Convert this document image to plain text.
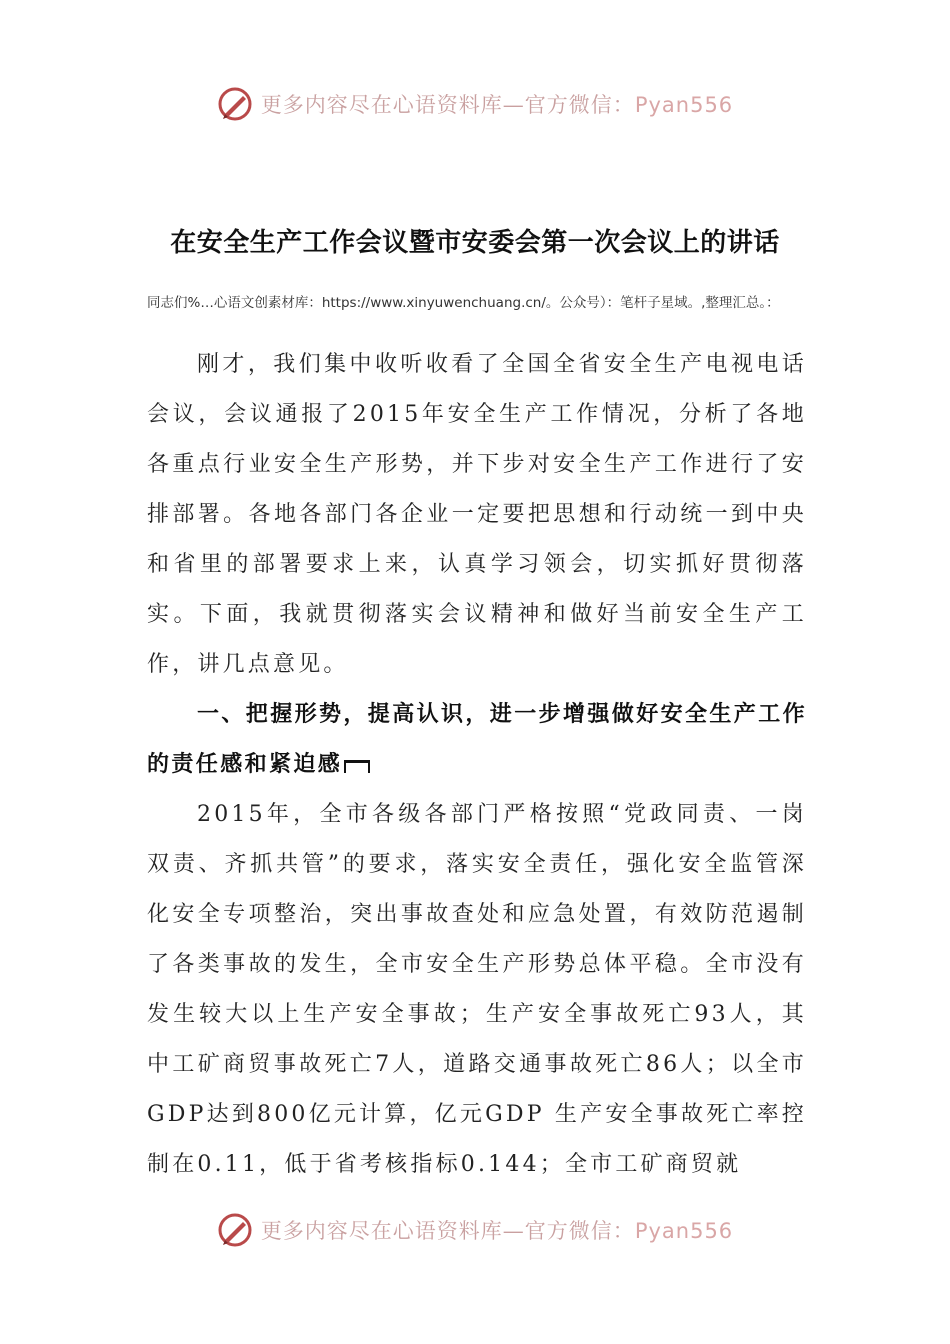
更多内容尽在心语资料库—官方微信：Pyan556
在安全生产工作会议暨市安委会第一次会议上的讲话

同志们%…心语文创素材库：https://www.xinyuwenchuang.cn/。公众号）：笔杆子星域。,整理汇总。：

刚才，我们集中收听收看了全国全省安全生产电视电话会议，会议通报了2015年安全生产工作情况，分析了各地各重点行业安全生产形势，并下步对安全生产工作进行了安排部署。各地各部门各企业一定要把思想和行动统一到中央和省里的部署要求上来，认真学习领会，切实抓好贯彻落实。下面，我就贯彻落实会议精神和做好当前安全生产工作，讲几点意见。

一、把握形势，提高认识，进一步增强做好安全生产工作的责任感和紧迫感

2015年，全市各级各部门严格按照“党政同责、一岗双责、齐抓共管”的要求，落实安全责任，强化安全监管深化安全专项整治，突出事故查处和应急处置，有效防范遏制了各类事故的发生，全市安全生产形势总体平稳。全市没有发生较大以上生产安全事故；生产安全事故死亡93人，其中工矿商贸事故死亡7人，道路交通事故死亡86人；以全市GDP达到800亿元计算，亿元GDP 生产安全事故死亡率控制在0.11，低于省考核指标0.144；全市工矿商贸就

更多内容尽在心语资料库—官方微信：Pyan556
